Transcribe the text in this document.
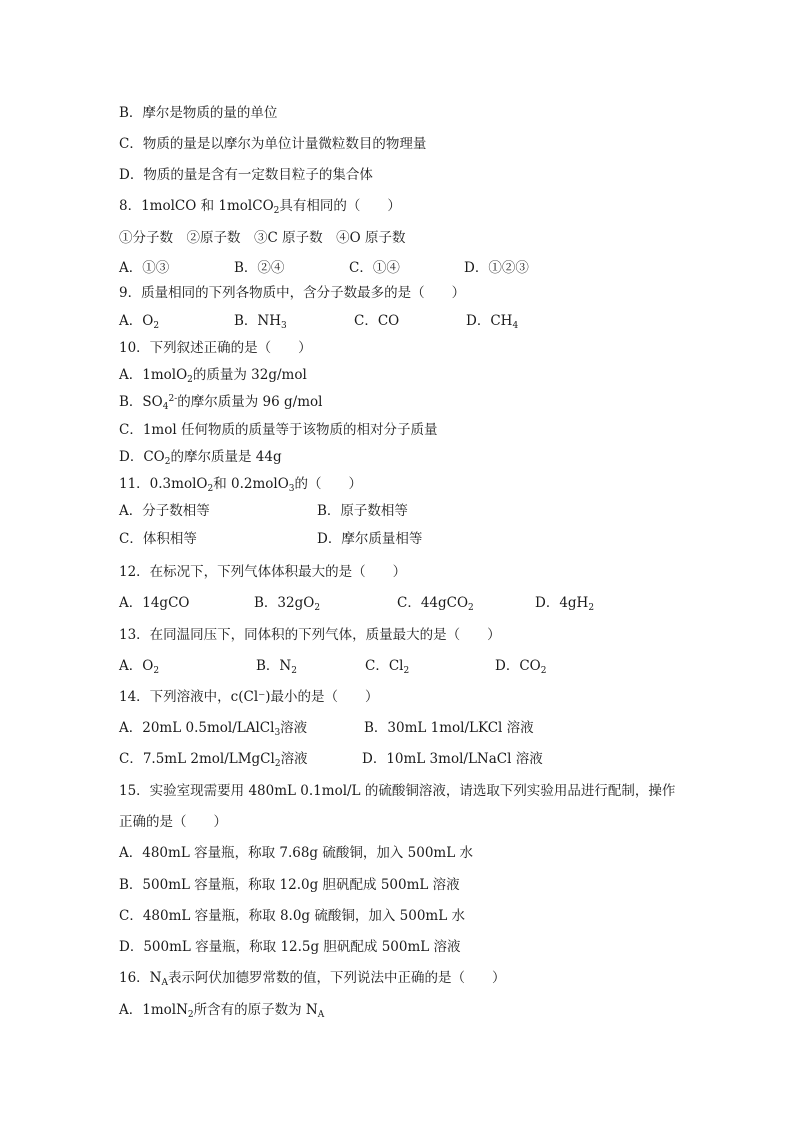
B．摩尔是物质的量的单位
C．物质的量是以摩尔为单位计量微粒数目的物理量
D．物质的量是含有一定数目粒子的集合体
8．1molCO 和 1molCO$_2$具有相同的（　　）
①分子数　②原子数　③C 原子数　④O 原子数
A．①③	B．②④	C．①④	D．①②③
9．质量相同的下列各物质中，含分子数最多的是（　　）
A．$O_2$	B．$NH_3$	C．CO	D．$CH_4$
10．下列叙述正确的是（　　）
A．1molO$_2$的质量为 32g/mol
B．$SO_4^{2-}$的摩尔质量为 96 g/mol
C．1mol 任何物质的质量等于该物质的相对分子质量
D．$CO_2$的摩尔质量是 44g
11．0.3molO$_2$和 0.2molO$_3$的（　　）
A．分子数相等	B．原子数相等
C．体积相等	D．摩尔质量相等
12．在标况下，下列气体体积最大的是（　　）
A．14gCO	B．$32gO_2$	C．44gCO$_2$	D．$4gH_2$
13．在同温同压下，同体积的下列气体，质量最大的是（　　）
A．$O_2$	B．$N_2$	C．$Cl_2$	D．$CO_2$
14．下列溶液中，c(Cl⁻)最小的是（　　）
A．20mL 0.5mol/LAlCl$_3$溶液	B．30mL 1mol/LKCl 溶液
C．7.5mL 2mol/LMgCl$_2$溶液	D．10mL 3mol/LNaCl 溶液
15．实验室现需要用 480mL 0.1mol/L 的硫酸铜溶液，请选取下列实验用品进行配制，操作
正确的是（　　）
A．480mL 容量瓶，称取 7.68g 硫酸铜，加入 500mL 水
B．500mL 容量瓶，称取 12.0g 胆矾配成 500mL 溶液
C．480mL 容量瓶，称取 8.0g 硫酸铜，加入 500mL 水
D．500mL 容量瓶，称取 12.5g 胆矾配成 500mL 溶液
16．$N_A$表示阿伏加德罗常数的值，下列说法中正确的是（　　）
A．1molN$_2$所含有的原子数为 $N_A$
